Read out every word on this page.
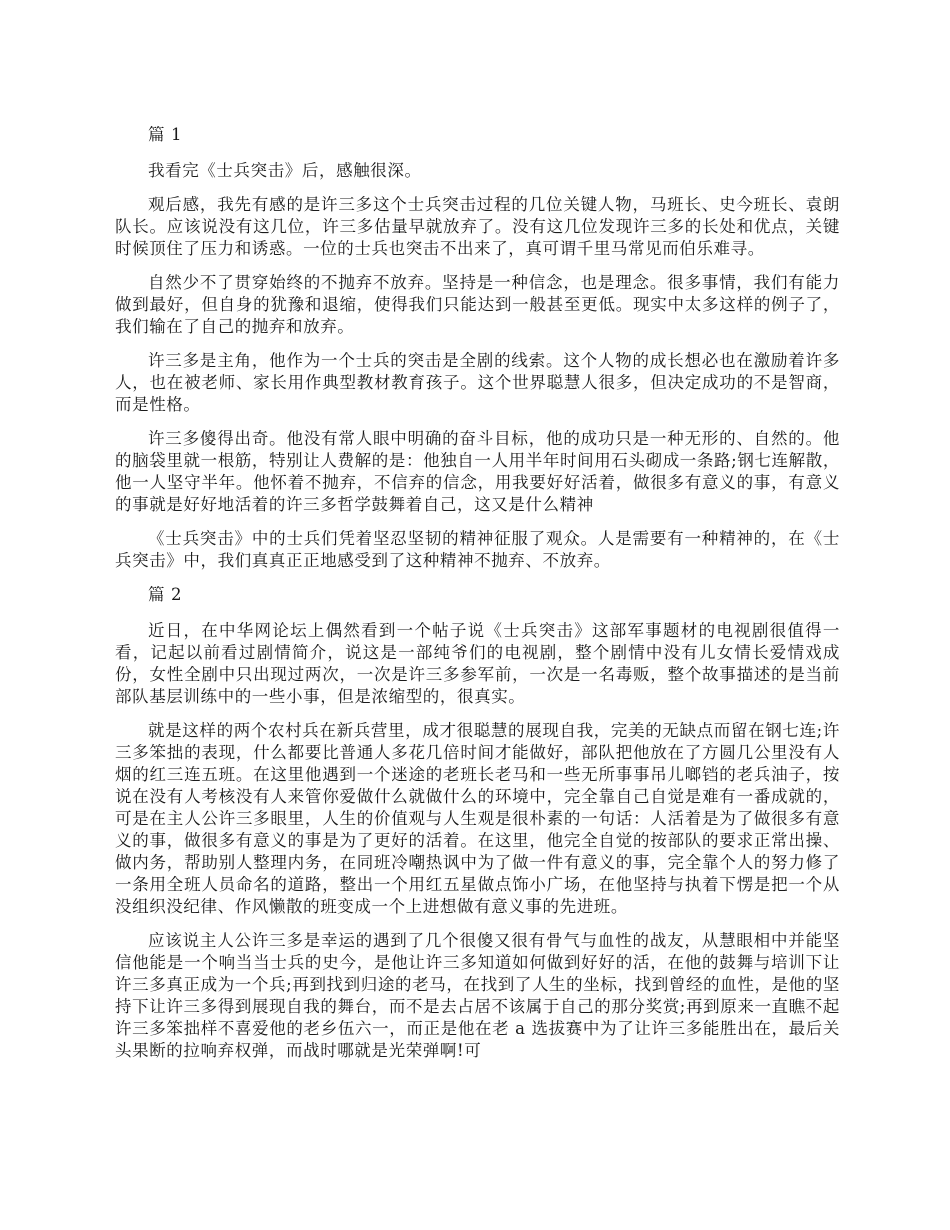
篇 1

我看完《士兵突击》后，感触很深。

观后感，我先有感的是许三多这个士兵突击过程的几位关键人物，马班长、史今班长、袁朗队长。应该说没有这几位，许三多估量早就放弃了。没有这几位发现许三多的长处和优点，关键时候顶住了压力和诱惑。一位的士兵也突击不出来了，真可谓千里马常见而伯乐难寻。

自然少不了贯穿始终的不抛弃不放弃。坚持是一种信念，也是理念。很多事情，我们有能力做到最好，但自身的犹豫和退缩，使得我们只能达到一般甚至更低。现实中太多这样的例子了，我们输在了自己的抛弃和放弃。

许三多是主角，他作为一个士兵的突击是全剧的线索。这个人物的成长想必也在激励着许多人，也在被老师、家长用作典型教材教育孩子。这个世界聪慧人很多，但决定成功的不是智商，而是性格。

许三多傻得出奇。他没有常人眼中明确的奋斗目标，他的成功只是一种无形的、自然的。他的脑袋里就一根筋，特别让人费解的是：他独自一人用半年时间用石头砌成一条路;钢七连解散，他一人坚守半年。他怀着不抛弃，不信弃的信念，用我要好好活着，做很多有意义的事，有意义的事就是好好地活着的许三多哲学鼓舞着自己，这又是什么精神

《士兵突击》中的士兵们凭着坚忍坚韧的精神征服了观众。人是需要有一种精神的，在《士兵突击》中，我们真真正正地感受到了这种精神不抛弃、不放弃。

篇 2

近日，在中华网论坛上偶然看到一个帖子说《士兵突击》这部军事题材的电视剧很值得一看，记起以前看过剧情简介，说这是一部纯爷们的电视剧，整个剧情中没有儿女情长爱情戏成份，女性全剧中只出现过两次，一次是许三多参军前，一次是一名毒贩，整个故事描述的是当前部队基层训练中的一些小事，但是浓缩型的，很真实。

就是这样的两个农村兵在新兵营里，成才很聪慧的展现自我，完美的无缺点而留在钢七连;许三多笨拙的表现，什么都要比普通人多花几倍时间才能做好，部队把他放在了方圆几公里没有人烟的红三连五班。在这里他遇到一个迷途的老班长老马和一些无所事事吊儿啷铛的老兵油子，按说在没有人考核没有人来管你爱做什么就做什么的环境中，完全靠自己自觉是难有一番成就的，可是在主人公许三多眼里，人生的价值观与人生观是很朴素的一句话：人活着是为了做很多有意义的事，做很多有意义的事是为了更好的活着。在这里，他完全自觉的按部队的要求正常出操、做内务，帮助别人整理内务，在同班冷嘲热讽中为了做一件有意义的事，完全靠个人的努力修了一条用全班人员命名的道路，整出一个用红五星做点饰小广场，在他坚持与执着下愣是把一个从没组织没纪律、作风懒散的班变成一个上进想做有意义事的先进班。

应该说主人公许三多是幸运的遇到了几个很傻又很有骨气与血性的战友，从慧眼相中并能坚信他能是一个响当当士兵的史今，是他让许三多知道如何做到好好的活，在他的鼓舞与培训下让许三多真正成为一个兵;再到找到归途的老马，在找到了人生的坐标，找到曾经的血性，是他的坚持下让许三多得到展现自我的舞台，而不是去占居不该属于自己的那分奖赏;再到原来一直瞧不起许三多笨拙样不喜爱他的老乡伍六一，而正是他在老 a 选拔赛中为了让许三多能胜出在，最后关头果断的拉响弃权弹，而战时哪就是光荣弹啊!可
